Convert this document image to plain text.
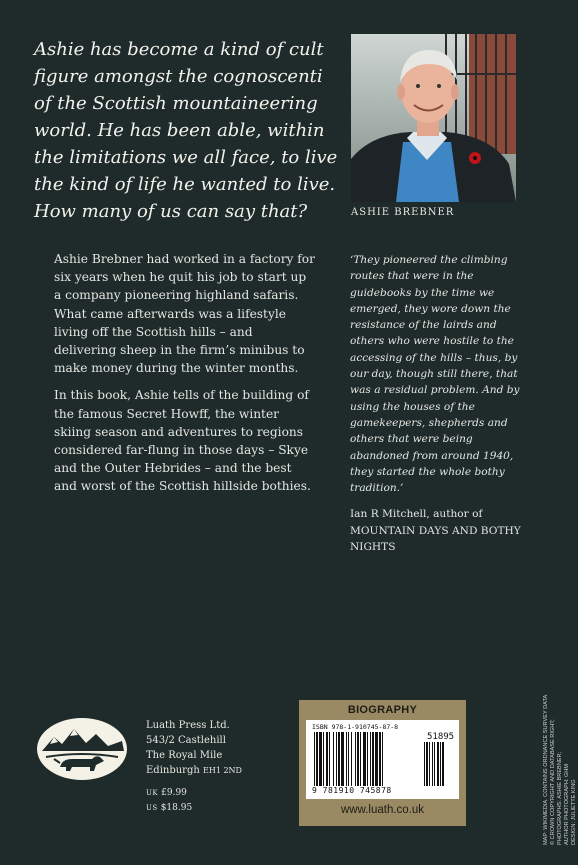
Ashie has become a kind of cult figure amongst the cognoscenti of the Scottish mountaineering world. He has been able, within the limitations we all face, to live the kind of life he wanted to live. How many of us can say that?	ASHIE BREBNER

Ashie Brebner had worked in a factory for six years when he quit his job to start up a company pioneering highland safaris. What came afterwards was a lifestyle living off the Scottish hills – and delivering sheep in the firm’s minibus to make money during the winter months.

In this book, Ashie tells of the building of the famous Secret Howff, the winter skiing season and adventures to regions considered far-flung in those days – Skye and the Outer Hebrides – and the best and worst of the Scottish hillside bothies.

‘They pioneered the climbing routes that were in the guidebooks by the time we emerged, they wore down the resistance of the lairds and others who were hostile to the accessing of the hills – thus, by our day, though still there, that was a residual problem. And by using the houses of the gamekeepers, shepherds and others that were being abandoned from around 1940, they started the whole bothy tradition.’

Ian R Mitchell, author of MOUNTAIN DAYS AND BOTHY NIGHTS

Luath Press Ltd.
543/2 Castlehill
The Royal Mile
Edinburgh EH1 2ND
UK £9.99
US $18.95
BIOGRAPHY
ISBN 978-1-910745-87-8
51895
9 781910 745878
www.luath.co.uk	MAP: WIKIMEDIA. CONTAINS ORDNANCE SURVEY DATA © CROWN COPYRIGHT AND DATABASE RIGHT; PHOTOGRAPHS: ASHIE BREBNER; AUTHOR PHOTOGRAPH: GHM DESIGN: JULIETTE KING
